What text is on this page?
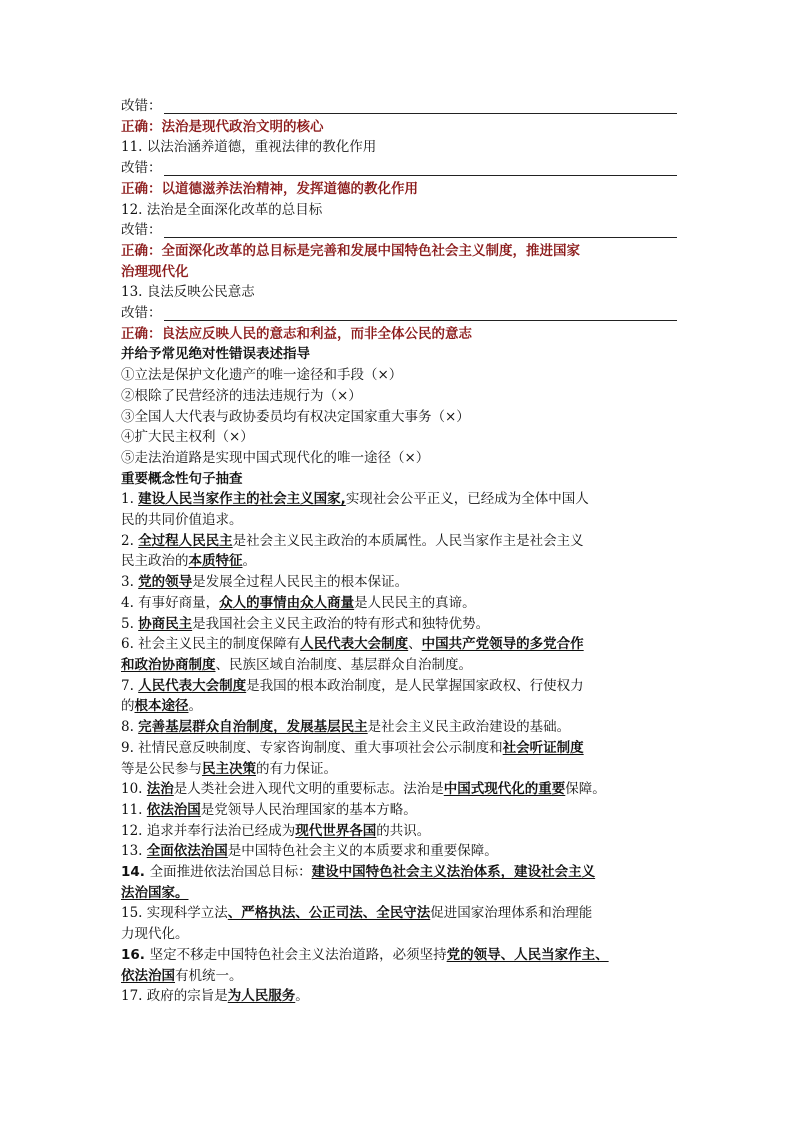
改错：
正确：法治是现代政治文明的核心
11. 以法治涵养道德，重视法律的教化作用
改错：
正确：以道德滋养法治精神，发挥道德的教化作用
12. 法治是全面深化改革的总目标
改错：
正确：全面深化改革的总目标是完善和发展中国特色社会主义制度，推进国家
治理现代化
13. 良法反映公民意志
改错：
正确：良法应反映人民的意志和利益，而非全体公民的意志
并给予常见绝对性错误表述指导
①立法是保护文化遗产的唯一途径和手段（×）
②根除了民营经济的违法违规行为（×）
③全国人大代表与政协委员均有权决定国家重大事务（×）
④扩大民主权利（×）
⑤走法治道路是实现中国式现代化的唯一途径（×）
重要概念性句子抽查
1. 建设人民当家作主的社会主义国家,实现社会公平正义，已经成为全体中国人
民的共同价值追求。
2. 全过程人民民主是社会主义民主政治的本质属性。人民当家作主是社会主义
民主政治的本质特征。
3. 党的领导是发展全过程人民民主的根本保证。
4. 有事好商量，众人的事情由众人商量是人民民主的真谛。
5. 协商民主是我国社会主义民主政治的特有形式和独特优势。
6. 社会主义民主的制度保障有人民代表大会制度、中国共产党领导的多党合作
和政治协商制度、民族区域自治制度、基层群众自治制度。
7. 人民代表大会制度是我国的根本政治制度，是人民掌握国家政权、行使权力
的根本途径。
8. 完善基层群众自治制度，发展基层民主是社会主义民主政治建设的基础。
9. 社情民意反映制度、专家咨询制度、重大事项社会公示制度和社会听证制度
等是公民参与民主决策的有力保证。
10. 法治是人类社会进入现代文明的重要标志。法治是中国式现代化的重要保障。
11. 依法治国是党领导人民治理国家的基本方略。
12. 追求并奉行法治已经成为现代世界各国的共识。
13. 全面依法治国是中国特色社会主义的本质要求和重要保障。
14. 全面推进依法治国总目标：建设中国特色社会主义法治体系，建设社会主义
法治国家。
15. 实现科学立法、严格执法、公正司法、全民守法促进国家治理体系和治理能
力现代化。
16. 坚定不移走中国特色社会主义法治道路，必须坚持党的领导、人民当家作主、
依法治国有机统一。
17. 政府的宗旨是为人民服务。
